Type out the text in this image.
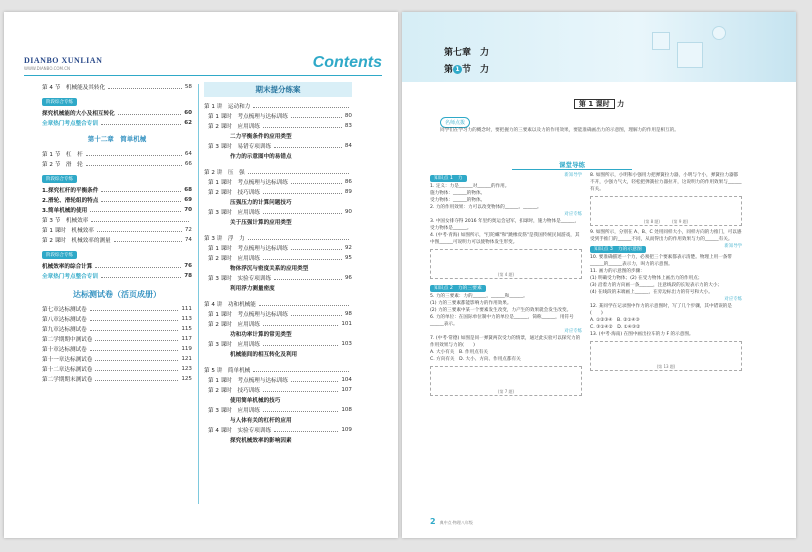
DIANBO XUNLIAN
WWW.DIANBO.COM.CN	Contents
第 4 节　机械能及其转化	58
阶段综合专练
探究机械能的大小及相互转化	60
全章热门考点整合专训	62
第十二章　简单机械
第 1 节　杠　杆	64
第 2 节　滑　轮	66
阶段综合专练
1.探究杠杆的平衡条件	68
2.滑轮、滑轮组的特点	69
3.简单机械的使用	70
第 3 节　机械效率
第 1 课时　机械效率	72
第 2 课时　机械效率的测量	74
阶段综合专练
机械效率的综合计算	76
全章热门考点整合专训	78
达标测试卷（活页成册）
第七章达标测试卷	111
第八章达标测试卷	113
第九章达标测试卷	115
第二学期期中测试卷	117
第十章达标测试卷	119
第十一章达标测试卷	121
第十二章达标测试卷	123
第二学期期末测试卷	125
期末提分练案
第 1 讲　运动和力
第 1 课时　考点梳理与达标训练	80
第 2 课时　应用训练	83
二力平衡条件的应用类型
第 3 课时　易错专项训练	84
作力的示意图中的易错点
第 2 讲　压　强
第 1 课时　考点梳理与达标训练	86
第 2 课时　技巧训练	89
压强压力的计算问题技巧
第 3 课时　应用训练	90
关于压强计算的应用类型
第 3 讲　浮　力
第 1 课时　考点梳理与达标训练	92
第 2 课时　应用训练	95
物体浮沉与密度关系的应用类型
第 3 课时　实验专项训练	96
利用浮力测量密度
第 4 讲　功和机械能
第 1 课时　考点梳理与达标训练	98
第 2 课时　应用训练	101
功和功率计算的常见类型
第 3 课时　应用训练	103
机械能间的相互转化及利用
第 5 讲　简单机械
第 1 课时　考点梳理与达标训练	104
第 2 课时　技巧训练	107
使用简单机械的技巧
第 3 课时　应用训练	108
与人体有关的杠杆的应用
第 4 课时　实验专项训练	109
探究机械效率的影响因素
第七章　力
第 1 节　力
第 1 课时 力
名师点拨
同学们在学习力的概念时，要把握力的三要素以及力的作用效果，要能准确画出力的示意图，理解力的作用是相互的。
课堂导练
知识点 1　力
新知导学
1. 定义：力是______对______的作用。
施力物体：______的物体。
受力物体：______的物体。
2. 力的作用效果：力可以改变物体的______、______。
对应专练
3. 中国女排夺得 2016 年里约奥运会冠军，扣球时，施力物体是______，受力物体是______。
4. (中考·青海) 如图所示，"打陀螺"和"跳橡皮筋"是我国传统民间游戏，其中图______可说明力可以使物体发生形变。
(第 4 题)
知识点 2　力的三要素
5. 力的三要素：力的______、______和______。
(1) 力的三要素都能影响力的作用效果。
(2) 力的三要素中某一个要素发生改变，力产生的效果就会发生改变。
6. 力的单位：在国际单位制中力的单位是______，简称______，用符号______表示。
对应专练
7. (中考·常德) 如图是同一弹簧两次受力的情景，通过此实验可以探究力的作用效果与力的(　　)
A. 大小有关　B. 作用点有关
C. 方向有关　D. 大小、方向、作用点都有关
(第 7 题)
8. 如图所示，小明和小强用力把弹簧拉力器，小明与个小，弹簧拉力器都不开，小强力气大，轻松把弹簧拉力器拉开，这说明力的作用效果与______有关。
(第 8 题)　　　(第 9 题)
9. 如图所示，分别在 A、B、C 处用同样大小，同样方向的力推门，可以感受到手推门的______不同，从而得出力的作用效果与力的______有关。
知识点 3　力的示意图
新知导学
10. 要准确描述一个力，必须把三个要素都表示清楚。物理上用一条带______的______表示力，叫力的示意图。
11. 画力的示意图的步骤：
(1) 明确受力物体；(2) 在受力物体上画出力的作用点；
(3) 沿着力的方向画一条______，注意线段的长短表示力的大小；
(4) 在线段的末端画上______，在旁边标出力的符号和大小。
对应专练
12. 某同学在记录图中作力的示意图时，写了几个步骤，其中错误的是(　　)
A. ①②③④　B. ②①④③
C. ③①④②　D. ①④③②
13. (中考·海南) 在图中画出拉车的力 F 的示意图。
(第 13 题)
2 典中点·物理八年级
